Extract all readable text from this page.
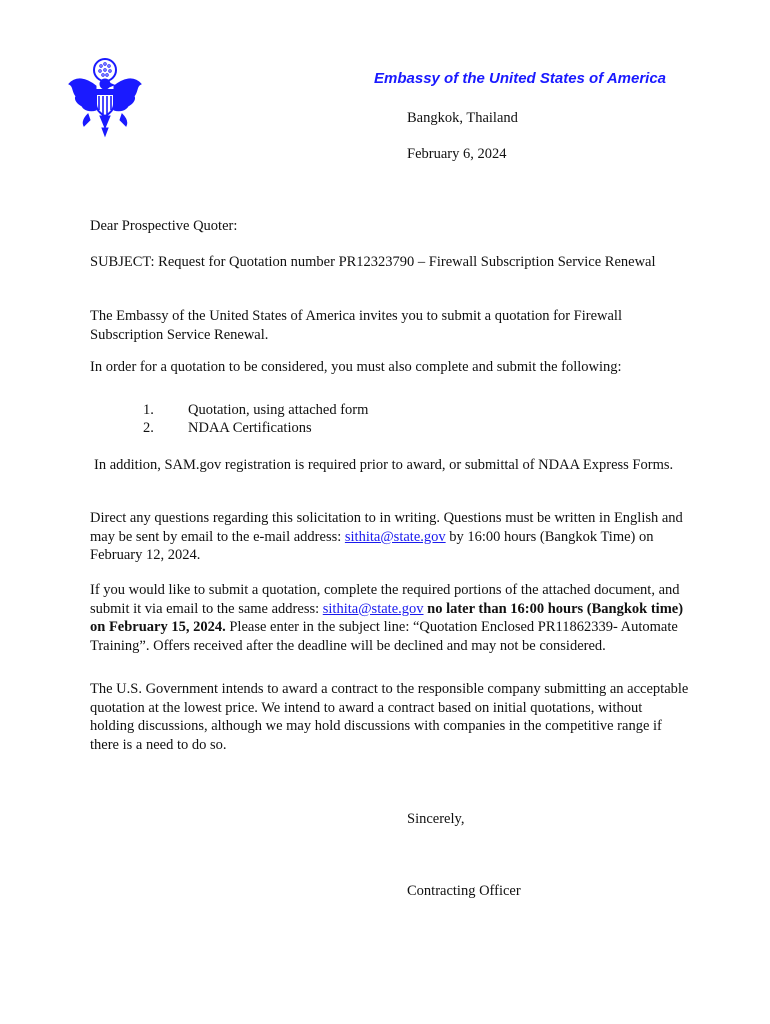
Embassy of the United States of America
Bangkok, Thailand
February 6, 2024
Dear Prospective Quoter:
SUBJECT: Request for Quotation number PR12323790 – Firewall Subscription Service Renewal
The Embassy of the United States of America invites you to submit a quotation for Firewall Subscription Service Renewal.
In order for a quotation to be considered, you must also complete and submit the following:
1.	Quotation, using attached form
2.	NDAA Certifications
In addition, SAM.gov registration is required prior to award, or submittal of NDAA Express Forms.
Direct any questions regarding this solicitation to in writing. Questions must be written in English and may be sent by email to the e-mail address: sithita@state.gov by 16:00 hours (Bangkok Time) on February 12, 2024.
If you would like to submit a quotation, complete the required portions of the attached document, and submit it via email to the same address: sithita@state.gov no later than 16:00 hours (Bangkok time) on February 15, 2024. Please enter in the subject line: “Quotation Enclosed PR11862339- Automate Training”. Offers received after the deadline will be declined and may not be considered.
The U.S. Government intends to award a contract to the responsible company submitting an acceptable quotation at the lowest price. We intend to award a contract based on initial quotations, without holding discussions, although we may hold discussions with companies in the competitive range if there is a need to do so.
Sincerely,
Contracting Officer
